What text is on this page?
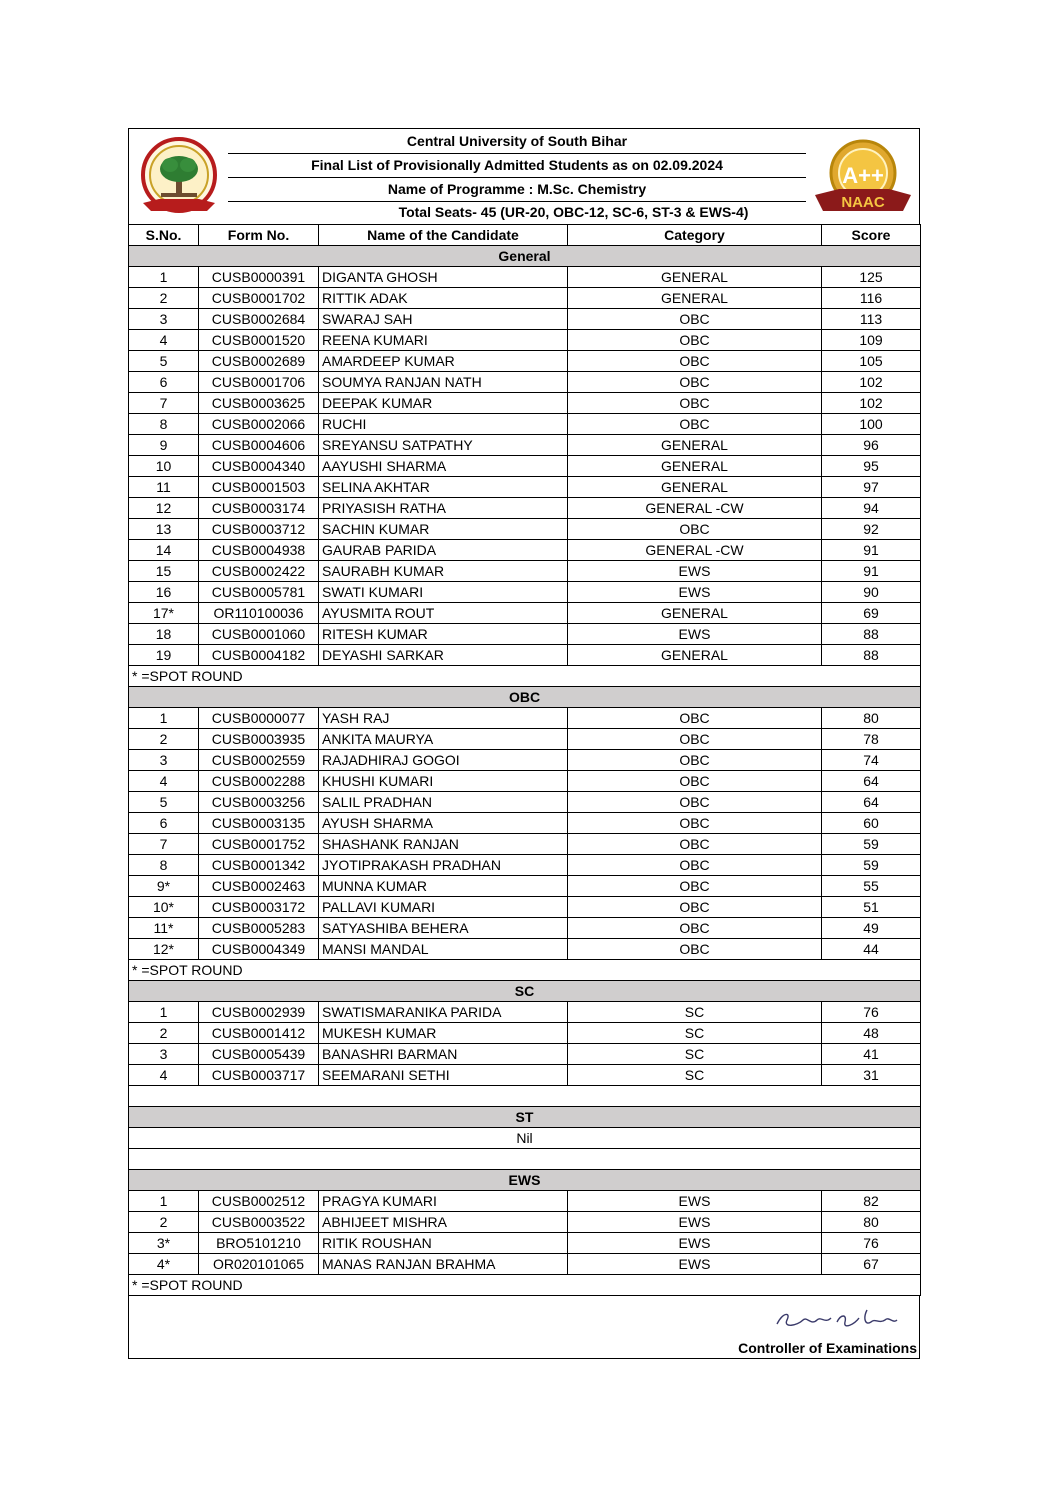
Central University of South Bihar
Final List of Provisionally Admitted Students as on 02.09.2024
Name of Programme : M.Sc. Chemistry
Total Seats- 45 (UR-20, OBC-12, SC-6, ST-3 & EWS-4)
A++
NAAC
S.No.	Form No.	Name of the Candidate	Category	Score
General				
1	CUSB0000391	DIGANTA GHOSH	GENERAL	125
2	CUSB0001702	RITTIK ADAK	GENERAL	116
3	CUSB0002684	SWARAJ SAH	OBC	113
4	CUSB0001520	REENA KUMARI	OBC	109
5	CUSB0002689	AMARDEEP KUMAR	OBC	105
6	CUSB0001706	SOUMYA RANJAN NATH	OBC	102
7	CUSB0003625	DEEPAK KUMAR	OBC	102
8	CUSB0002066	RUCHI	OBC	100
9	CUSB0004606	SREYANSU SATPATHY	GENERAL	96
10	CUSB0004340	AAYUSHI SHARMA	GENERAL	95
11	CUSB0001503	SELINA AKHTAR	GENERAL	97
12	CUSB0003174	PRIYASISH RATHA	GENERAL -CW	94
13	CUSB0003712	SACHIN KUMAR	OBC	92
14	CUSB0004938	GAURAB PARIDA	GENERAL -CW	91
15	CUSB0002422	SAURABH KUMAR	EWS	91
16	CUSB0005781	SWATI KUMARI	EWS	90
17*	OR110100036	AYUSMITA ROUT	GENERAL	69
18	CUSB0001060	RITESH KUMAR	EWS	88
19	CUSB0004182	DEYASHI SARKAR	GENERAL	88
* =SPOT ROUND				
OBC				
1	CUSB0000077	YASH RAJ	OBC	80
2	CUSB0003935	ANKITA MAURYA	OBC	78
3	CUSB0002559	RAJADHIRAJ GOGOI	OBC	74
4	CUSB0002288	KHUSHI KUMARI	OBC	64
5	CUSB0003256	SALIL PRADHAN	OBC	64
6	CUSB0003135	AYUSH SHARMA	OBC	60
7	CUSB0001752	SHASHANK RANJAN	OBC	59
8	CUSB0001342	JYOTIPRAKASH PRADHAN	OBC	59
9*	CUSB0002463	MUNNA KUMAR	OBC	55
10*	CUSB0003172	PALLAVI KUMARI	OBC	51
11*	CUSB0005283	SATYASHIBA BEHERA	OBC	49
12*	CUSB0004349	MANSI MANDAL	OBC	44
* =SPOT ROUND				
SC				
1	CUSB0002939	SWATISMARANIKA PARIDA	SC	76
2	CUSB0001412	MUKESH KUMAR	SC	48
3	CUSB0005439	BANASHRI BARMAN	SC	41
4	CUSB0003717	SEEMARANI SETHI	SC	31

ST				
Nil				

EWS				
1	CUSB0002512	PRAGYA KUMARI	EWS	82
2	CUSB0003522	ABHIJEET MISHRA	EWS	80
3*	BRO5101210	RITIK ROUSHAN	EWS	76
4*	OR020101065	MANAS RANJAN BRAHMA	EWS	67
* =SPOT ROUND				
Controller of Examinations
